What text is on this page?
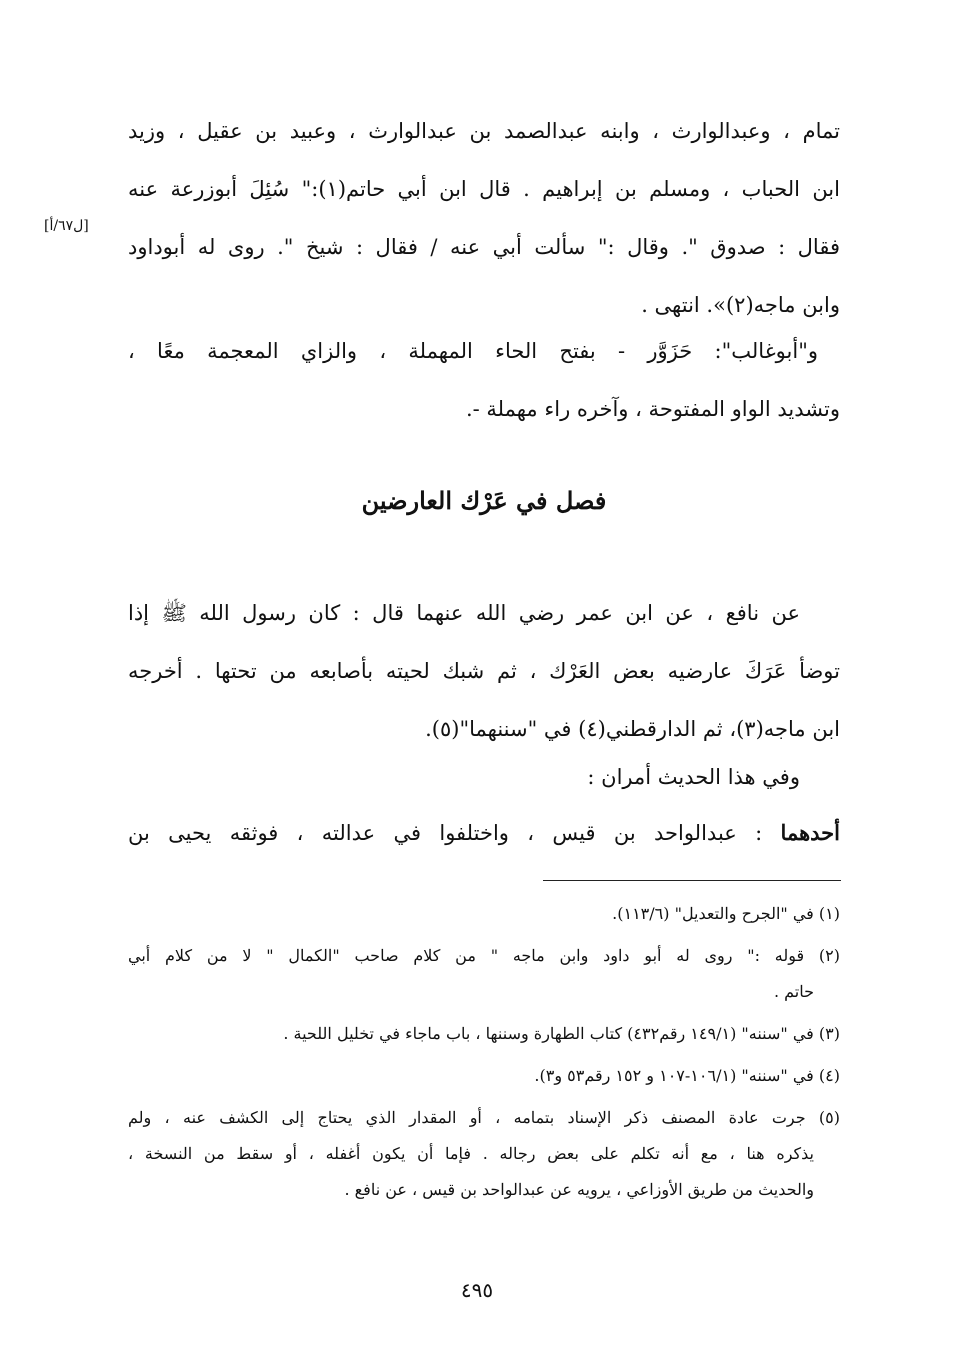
تمام ، وعبدالوارث ، وابنه عبدالصمد بن عبدالوارث ، وعبيد بن عقيل ، وزيد
ابن الحباب ، ومسلم بن إبراهيم . قال ابن أبي حاتم(١):" سُئِلَ أبوزرعة عنه
فقال : صدوق ". وقال :" سألت أبي عنه / فقال : شيخ ". روى له أبوداود
وابن ماجه(٢)». انتهى .
[ل٦٧/أ]
و"أبوغالب": حَزَوَّر - بفتح الحاء المهملة ، والزاي المعجمة معًا ،
وتشديد الواو المفتوحة ، وآخره راء مهملة -.
فصل في عَرْك العارضين
عن نافع ، عن ابن عمر رضي الله عنهما قال : كان رسول الله ﷺ إذا
توضأ عَرَكَ عارضيه بعض العَرْك ، ثم شبك لحيته بأصابعه من تحتها . أخرجه
ابن ماجه(٣)، ثم الدارقطني(٤) في "سننهما"(٥).
وفي هذا الحديث أمران :
أحدهما : عبدالواحد بن قيس ، واختلفوا في عدالته ، فوثقه يحيى بن
(١) في "الجرح والتعديل" (١١٣/٦).
(٢) قوله :" روى له أبو داود وابن ماجه " من كلام صاحب "الكمال " لا من كلام أبي
حاتم .
(٣) في "سننه" (١٤٩/١ رقم٤٣٢) كتاب الطهارة وسننها ، باب ماجاء في تخليل اللحية .
(٤) في "سننه" (١٠٦/١-١٠٧ و ١٥٢ رقم٥٣ و٣).
(٥) جرت عادة المصنف ذكر الإسناد بتمامه ، أو المقدار الذي يحتاج إلى الكشف عنه ، ولم
يذكره هنا ، مع أنه تكلم على بعض رجاله . فإما أن يكون أغفله ، أو سقط من النسخة ،
والحديث من طريق الأوزاعي ، يرويه عن عبدالواحد بن قيس ، عن نافع .
٤٩٥
